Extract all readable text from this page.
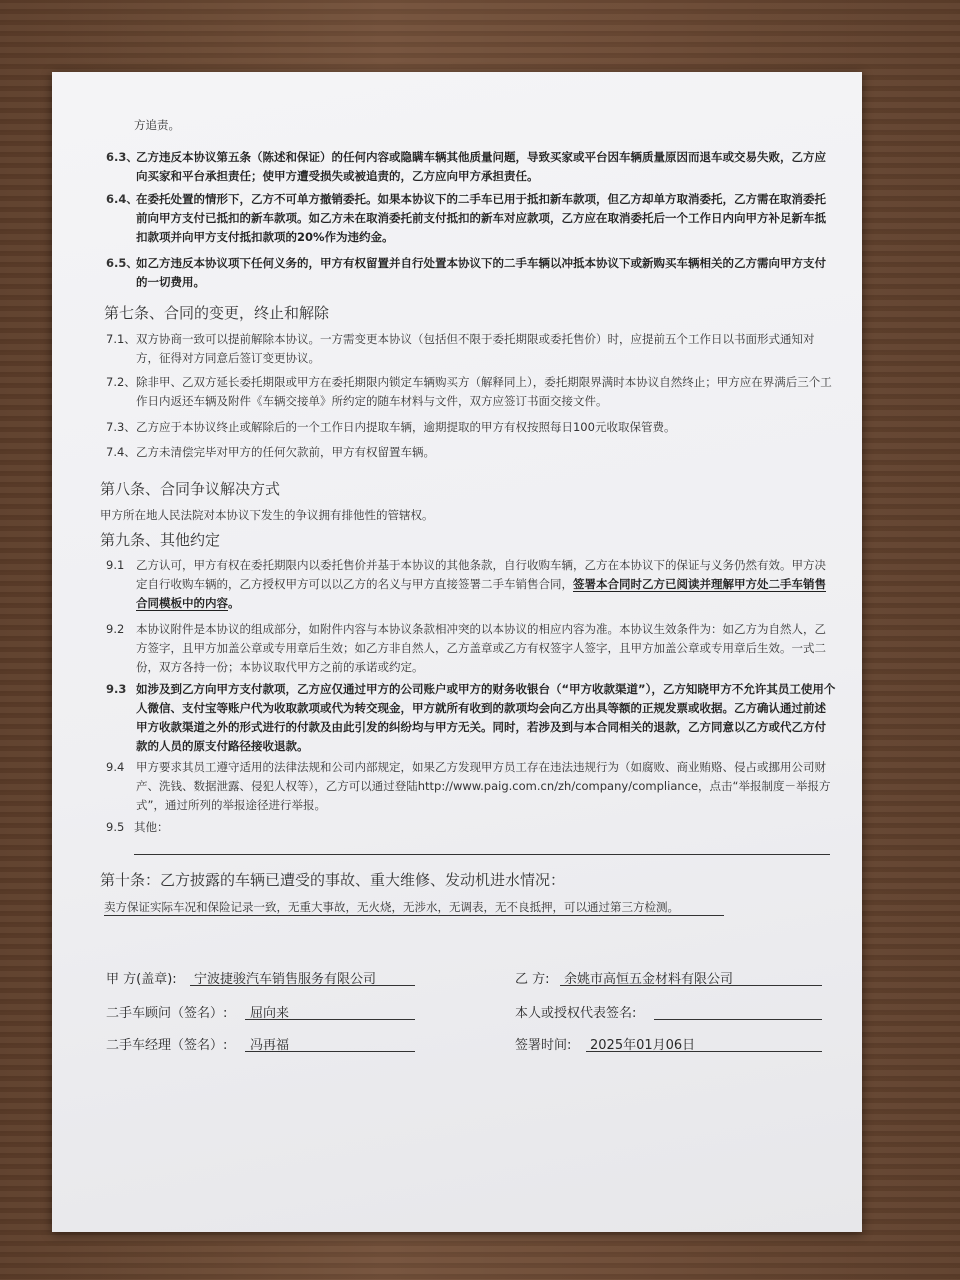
方追责。
6.3、
乙方违反本协议第五条（陈述和保证）的任何内容或隐瞒车辆其他质量问题，导致买家或平台因车辆质量原因而退车或交易失败，乙方应向买家和平台承担责任；使甲方遭受损失或被追责的，乙方应向甲方承担责任。
6.4、
在委托处置的情形下，乙方不可单方撤销委托。如果本协议下的二手车已用于抵扣新车款项，但乙方却单方取消委托，乙方需在取消委托前向甲方支付已抵扣的新车款项。如乙方未在取消委托前支付抵扣的新车对应款项，乙方应在取消委托后一个工作日内向甲方补足新车抵扣款项并向甲方支付抵扣款项的20%作为违约金。
6.5、
如乙方违反本协议项下任何义务的，甲方有权留置并自行处置本协议下的二手车辆以冲抵本协议下或新购买车辆相关的乙方需向甲方支付的一切费用。
第七条、合同的变更，终止和解除
7.1、 双方协商一致可以提前解除本协议。一方需变更本协议（包括但不限于委托期限或委托售价）时，应提前五个工作日以书面形式通知对方，征得对方同意后签订变更协议。
7.2、 除非甲、乙双方延长委托期限或甲方在委托期限内锁定车辆购买方（解释同上），委托期限界满时本协议自然终止；甲方应在界满后三个工作日内返还车辆及附件《车辆交接单》所约定的随车材料与文件，双方应签订书面交接文件。
7.3、 乙方应于本协议终止或解除后的一个工作日内提取车辆，逾期提取的甲方有权按照每日100元收取保管费。
7.4、 乙方未清偿完毕对甲方的任何欠款前，甲方有权留置车辆。
第八条、合同争议解决方式
甲方所在地人民法院对本协议下发生的争议拥有排他性的管辖权。
第九条、其他约定
9.1 乙方认可，甲方有权在委托期限内以委托售价并基于本协议的其他条款，自行收购车辆，乙方在本协议下的保证与义务仍然有效。甲方决定自行收购车辆的，乙方授权甲方可以以乙方的名义与甲方直接签署二手车销售合同，签署本合同时乙方已阅读并理解甲方处二手车销售合同模板中的内容。
9.2 本协议附件是本协议的组成部分，如附件内容与本协议条款相冲突的以本协议的相应内容为准。本协议生效条件为：如乙方为自然人，乙方签字，且甲方加盖公章或专用章后生效；如乙方非自然人，乙方盖章或乙方有权签字人签字，且甲方加盖公章或专用章后生效。一式二份，双方各持一份；本协议取代甲方之前的承诺或约定。
9.3 如涉及到乙方向甲方支付款项，乙方应仅通过甲方的公司账户或甲方的财务收银台（“甲方收款渠道”），乙方知晓甲方不允许其员工使用个人微信、支付宝等账户代为收取款项或代为转交现金，甲方就所有收到的款项均会向乙方出具等额的正规发票或收据。乙方确认通过前述甲方收款渠道之外的形式进行的付款及由此引发的纠纷均与甲方无关。同时，若涉及到与本合同相关的退款，乙方同意以乙方或代乙方付款的人员的原支付路径接收退款。
9.4 甲方要求其员工遵守适用的法律法规和公司内部规定，如果乙方发现甲方员工存在违法违规行为（如腐败、商业贿赂、侵占或挪用公司财产、洗钱、数据泄露、侵犯人权等），乙方可以通过登陆http://www.paig.com.cn/zh/company/compliance，点击“举报制度－举报方式”，通过所列的举报途径进行举报。
9.5 其他：
第十条：乙方披露的车辆已遭受的事故、重大维修、发动机进水情况：
卖方保证实际车况和保险记录一致，无重大事故，无火烧，无涉水，无调表，无不良抵押，可以通过第三方检测。
甲 方(盖章): 宁波捷骏汽车销售服务有限公司
二手车顾问（签名）: 屈向来
二手车经理（签名）: 冯再福
乙 方: 余姚市高恒五金材料有限公司
本人或授权代表签名:
签署时间: 2025年01月06日
